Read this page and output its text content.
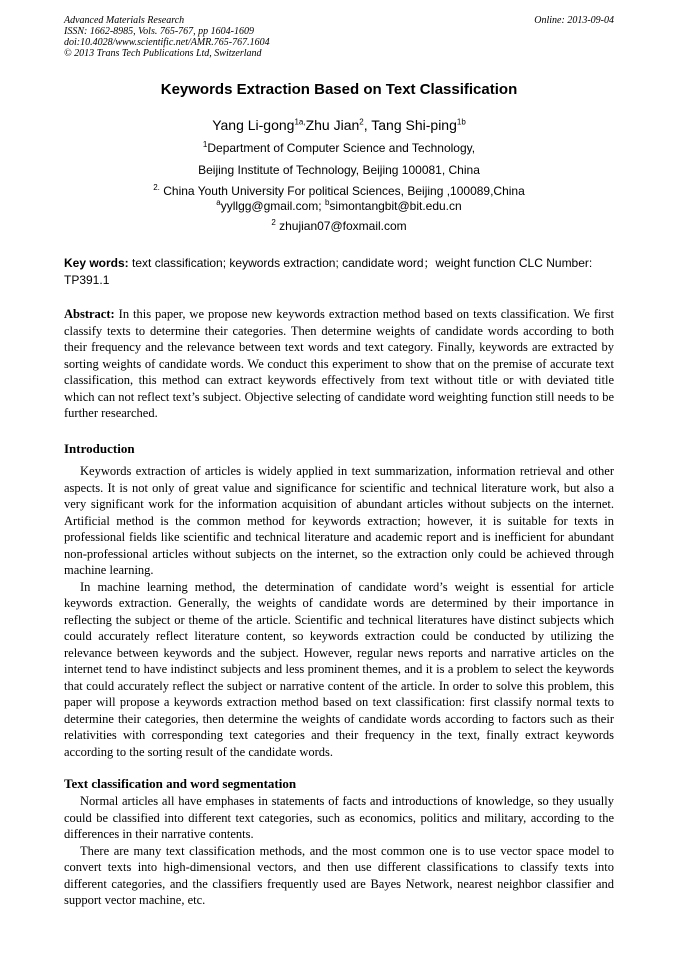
Advanced Materials Research
ISSN: 1662-8985, Vols. 765-767, pp 1604-1609
doi:10.4028/www.scientific.net/AMR.765-767.1604
© 2013 Trans Tech Publications Ltd, Switzerland
Online: 2013-09-04
Keywords Extraction Based on Text Classification
Yang Li-gong$^{1a,}$Zhu Jian$^2$, Tang Shi-ping$^{1b}$
$^1$Department of Computer Science and Technology,
Beijing Institute of Technology, Beijing 100081, China
$^{2.}$ China Youth University For political Sciences, Beijing ,100089,China
$^a$yyllgg@gmail.com; $^b$simontangbit@bit.edu.cn
$^2$ zhujian07@foxmail.com
Key words: text classification; keywords extraction; candidate word；weight function CLC Number: TP391.1
Abstract: In this paper, we propose new keywords extraction method based on texts classification. We first classify texts to determine their categories. Then determine weights of candidate words according to both their frequency and the relevance between text words and text category. Finally, keywords are extracted by sorting weights of candidate words. We conduct this experiment to show that on the premise of accurate text classification, this method can extract keywords effectively from text without title or with deviated title which can not reflect text’s subject. Objective selecting of candidate word weighting function still needs to be further researched.
Introduction

Keywords extraction of articles is widely applied in text summarization, information retrieval and other aspects. It is not only of great value and significance for scientific and technical literature work, but also a very significant work for the information acquisition of abundant articles without subjects on the internet. Artificial method is the common method for keywords extraction; however, it is suitable for texts in professional fields like scientific and technical literature and academic report and is inefficient for abundant non-professional articles without subjects on the internet, so the extraction only could be achieved through machine learning.

In machine learning method, the determination of candidate word’s weight is essential for article keywords extraction. Generally, the weights of candidate words are determined by their importance in reflecting the subject or theme of the article. Scientific and technical literatures have distinct subjects which could accurately reflect literature content, so keywords extraction could be conducted by utilizing the relevance between keywords and the subject. However, regular news reports and narrative articles on the internet tend to have indistinct subjects and less prominent themes, and it is a problem to select the keywords that could accurately reflect the subject or narrative content of the article. In order to solve this problem, this paper will propose a keywords extraction method based on text classification: first classify normal texts to determine their categories, then determine the weights of candidate words according to factors such as their relativities with corresponding text categories and their frequency in the text, finally extract keywords according to the sorting result of the candidate words.

Text classification and word segmentation

Normal articles all have emphases in statements of facts and introductions of knowledge, so they usually could be classified into different text categories, such as economics, politics and military, according to the differences in their narrative contents.

There are many text classification methods, and the most common one is to use vector space model to convert texts into high-dimensional vectors, and then use different classifications to classify texts into different categories, and the classifiers frequently used are Bayes Network, nearest neighbor classifier and support vector machine, etc.
